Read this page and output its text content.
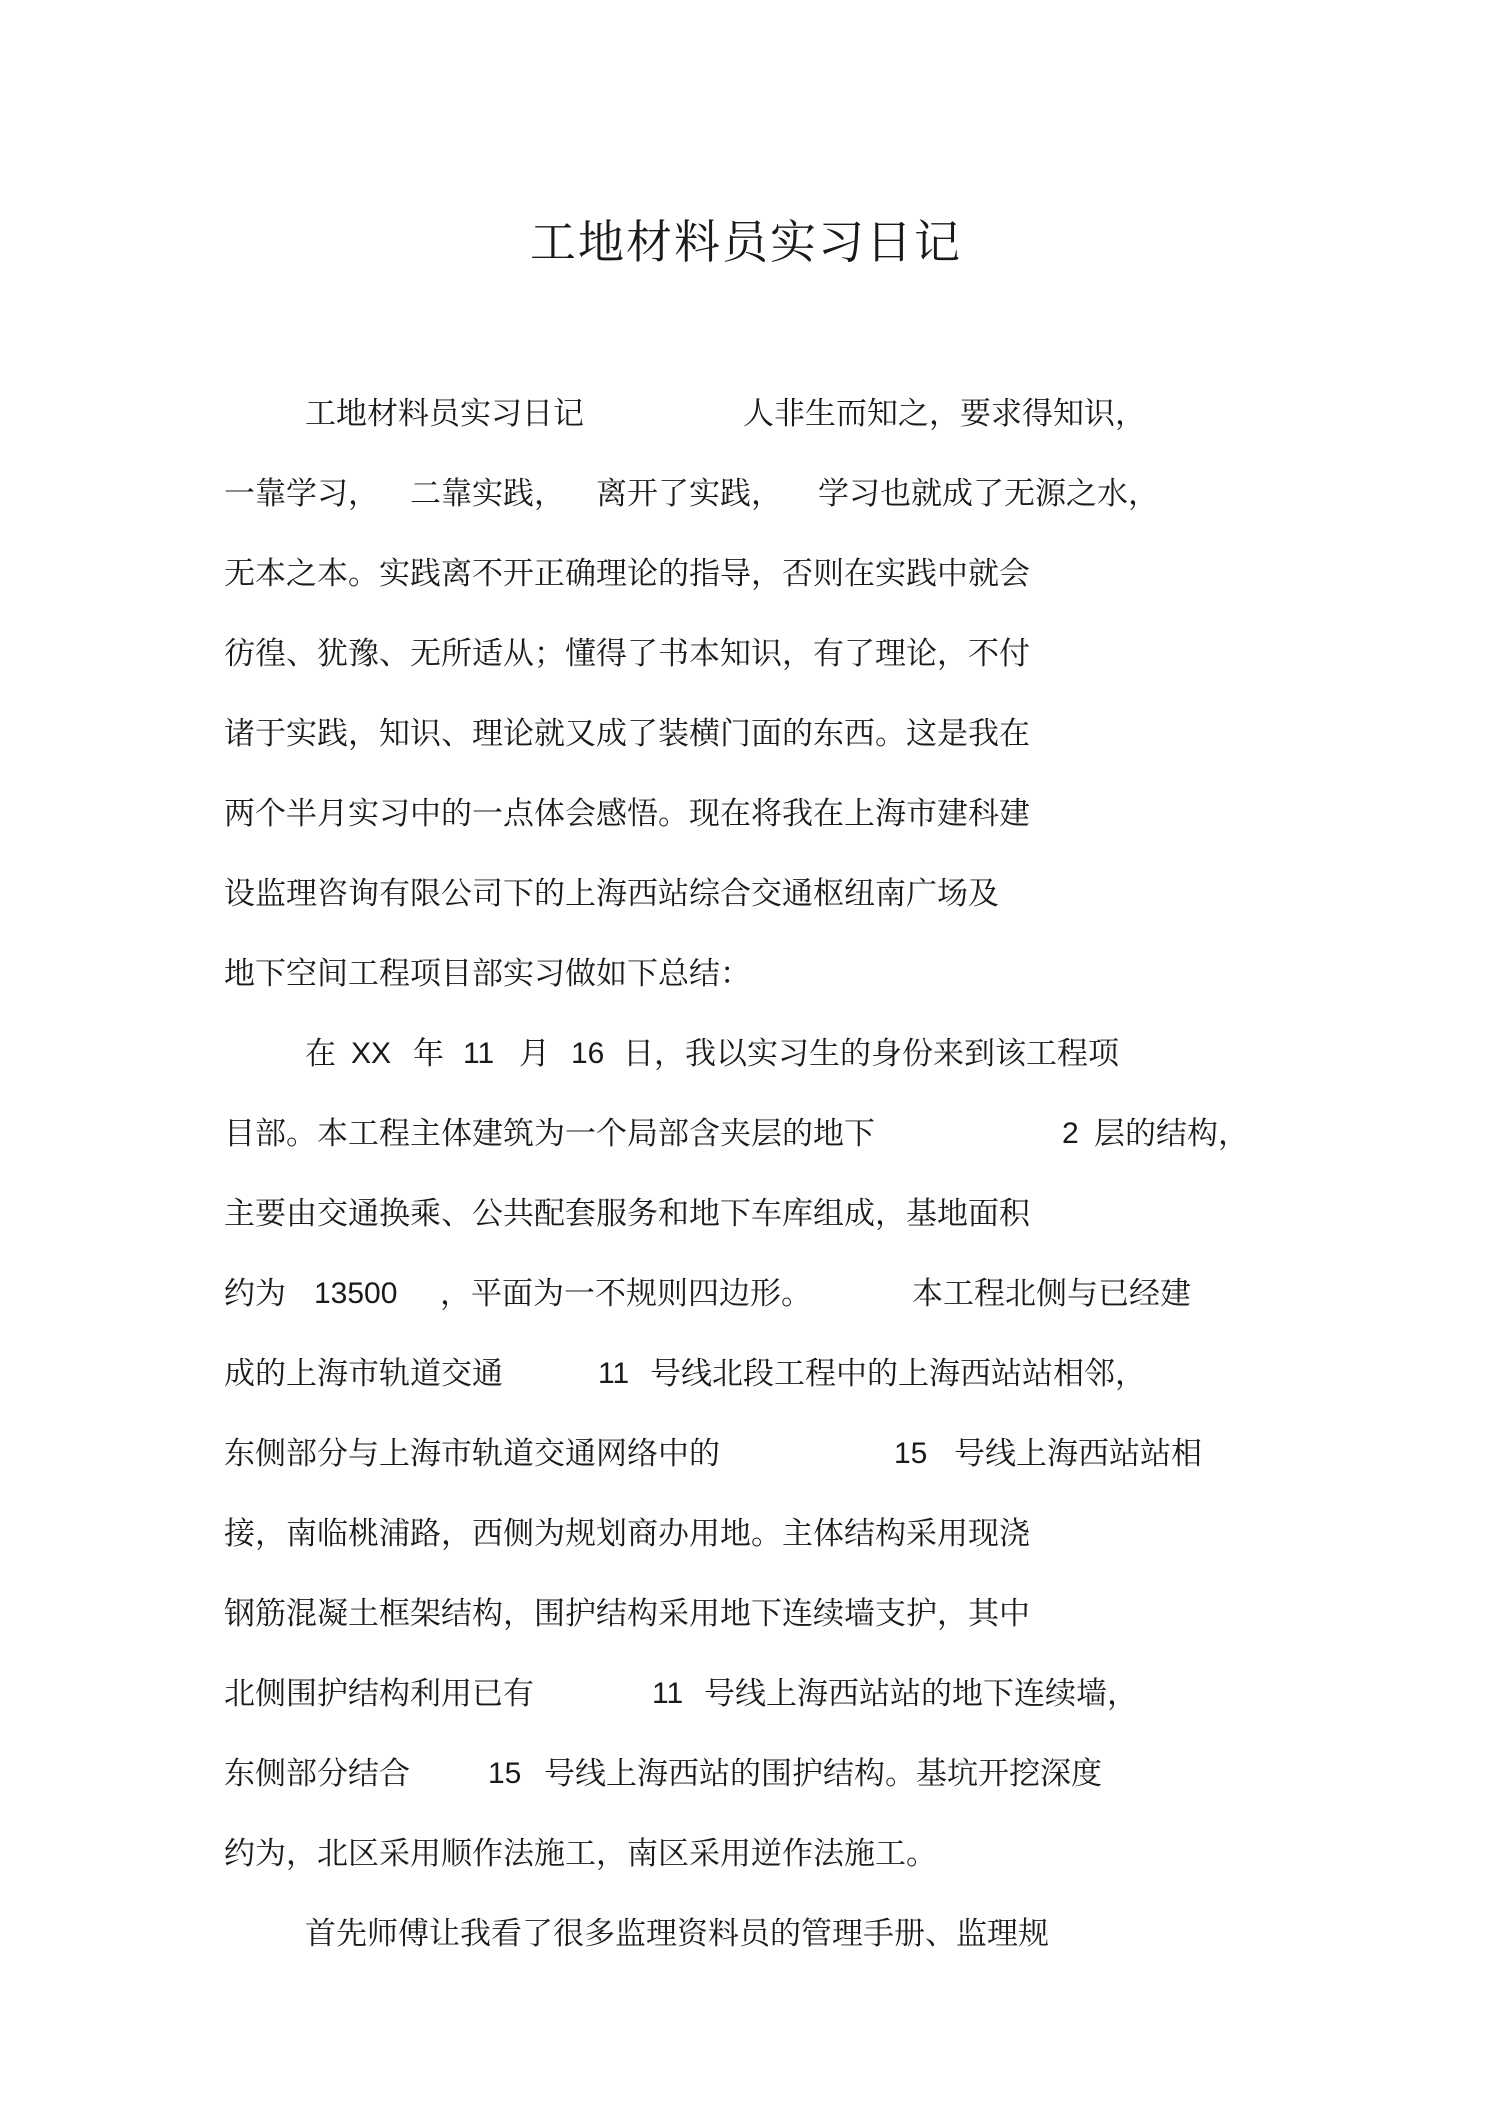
工地材料员实习日记

工地材料员实习日记

	人非生而知之，要求得知识，

一靠学习，

二靠实践，

离开了实践，

学习也就成了无源之水，

无本之本。实践离不开正确理论的指导，否则在实践中就会
彷徨、犹豫、无所适从；懂得了书本知识，有了理论，不付
诸于实践，知识、理论就又成了装横门面的东西。这是我在
两个半月实习中的一点体会感悟。现在将我在上海市建科建
设监理咨询有限公司下的上海西站综合交通枢纽南广场及
地下空间工程项目部实习做如下总结：

在

XX

年

11

月

16

日，我以实习生的身份来到该工程项

目部。本工程主体建筑为一个局部含夹层的地下

	2

层的结构，

主要由交通换乘、公共配套服务和地下车库组成，基地面积

约为

13500

，平面为一不规则四边形。

	本工程北侧与已经建

成的上海市轨道交通

	11

号线北段工程中的上海西站站相邻，

东侧部分与上海市轨道交通网络中的

	15

号线上海西站站相

接，南临桃浦路，西侧为规划商办用地。主体结构采用现浇
钢筋混凝土框架结构，围护结构采用地下连续墙支护，其中

北侧围护结构利用已有

	11

号线上海西站站的地下连续墙，

东侧部分结合

	15

号线上海西站的围护结构。基坑开挖深度

约为，北区采用顺作法施工，南区采用逆作法施工。
首先师傅让我看了很多监理资料员的管理手册、监理规
